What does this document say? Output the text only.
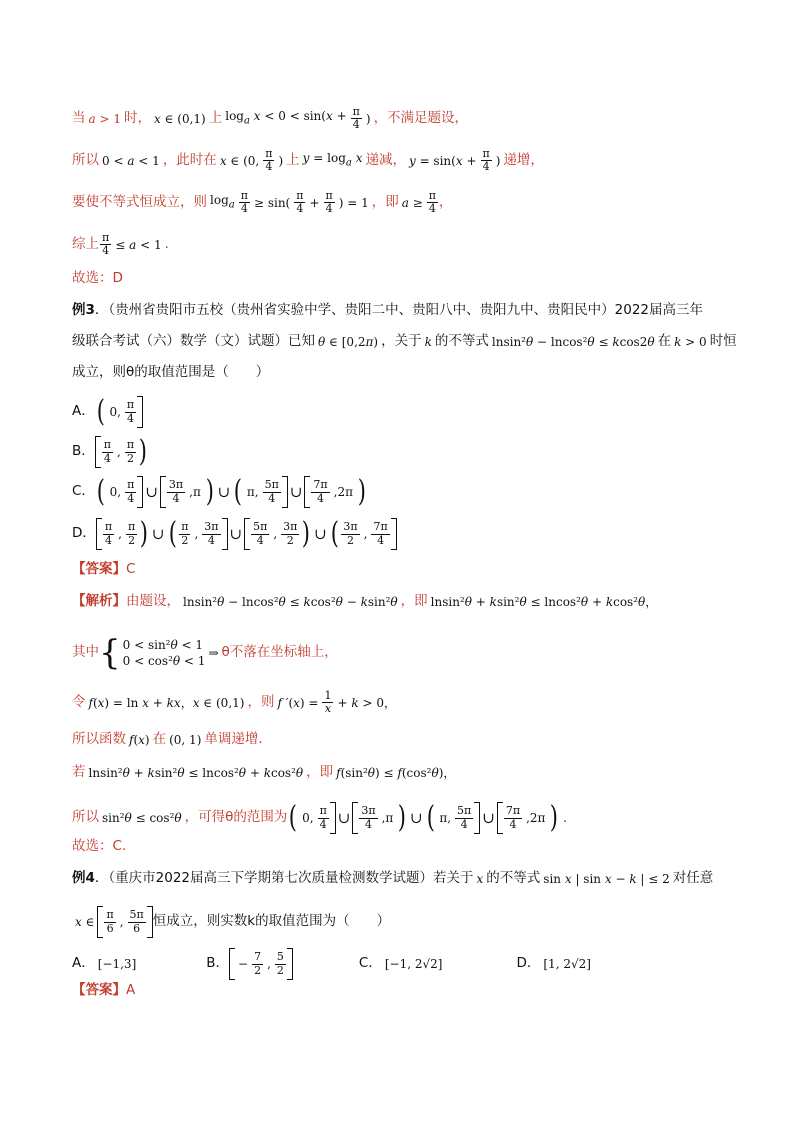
当 a > 1 时， x ∈ (0,1) 上 $\log_a x < 0 < \sin(x + \frac{\pi}{4}$ ) ，不满足题设，
所以 0 < a < 1 ，此时在 x ∈ (0, $\frac{\pi}{4}$ ) 上 $y = \log_a x$ 递减， $y = \sin(x + \frac{\pi}{4}$ ) 递增，
要使不等式恒成立，则 $\log_a \frac{\pi}{4} \ge \sin( \frac{\pi}{4} + \frac{\pi}{4}$ ) = 1 ，即 $a \ge \frac{\pi}{4}$ ，
综上 $\frac{\pi}{4} \le a < 1$ .
故选：D
例3 ．（贵州省贵阳市五校（贵州省实验中学、贵阳二中、贵阳八中、贵阳九中、贵阳民中）2022届高三年
级联合考试（六）数学（文）试题）已知 θ ∈ [0,2π) ，关于 k 的不等式 lnsin²θ − lncos²θ ≤ kcos2θ 在 k > 0 时恒
成立，则θ的取值范围是（　　）
A． ( 0, $\frac{\pi}{4}$
B． $\frac{\pi}{4}$ , $\frac{\pi}{2}$ )
C． ( 0, $\frac{\pi}{4}$ ∪ $\frac{3\pi}{4} ,\pi$ ) ∪ ( π, $\frac{5\pi}{4}$ ∪ $\frac{7\pi}{4} ,2\pi$ )
D． $\frac{\pi}{4}$ , $\frac{\pi}{2}$ ) ∪ ( $\frac{\pi}{2}$ , $\frac{3\pi}{4}$ ∪ $\frac{5\pi}{4}$ , $\frac{3\pi}{2}$ ) ∪ ( $\frac{3\pi}{2}$ , $\frac{7\pi}{4}$
【答案】 C
【解析】 由题设， lnsin²θ − lncos²θ ≤ kcos²θ − ksin²θ ，即 lnsin²θ + ksin²θ ≤ lncos²θ + kcos²θ，
其中 { 0 < sin²θ < 1
0 < cos²θ < 1
⇒ θ不落在坐标轴上，
令 f(x) = ln x + kx，x ∈ (0,1) ，则 f $'(x) = \frac{1}{x} + k > 0$，
所以函数 f(x) 在 (0, 1) 单调递增.
若 lnsin²θ + ksin²θ ≤ lncos²θ + kcos²θ ，即 f(sin²θ) ≤ f(cos²θ)，
所以 sin²θ ≤ cos²θ ，可得θ的范围为 ( 0, $\frac{\pi}{4}$ ∪ $\frac{3\pi}{4} ,\pi$ ) ∪ ( π, $\frac{5\pi}{4}$ ∪ $\frac{7\pi}{4} ,2\pi$ ) .
故选：C.
例4 ．（重庆市2022届高三下学期第七次质量检测数学试题）若关于 x 的不等式 sin x | sin x − k | ≤ 2 对任意
x ∈ $\frac{\pi}{6}$ , $\frac{5\pi}{6}$ 恒成立，则实数k的取值范围为（　　）
A． [−1,3]	B． − $\frac{7}{2}$ , $\frac{5}{2}$	C． [−1, 2√2]	D． [1, 2√2]
【答案】 A
